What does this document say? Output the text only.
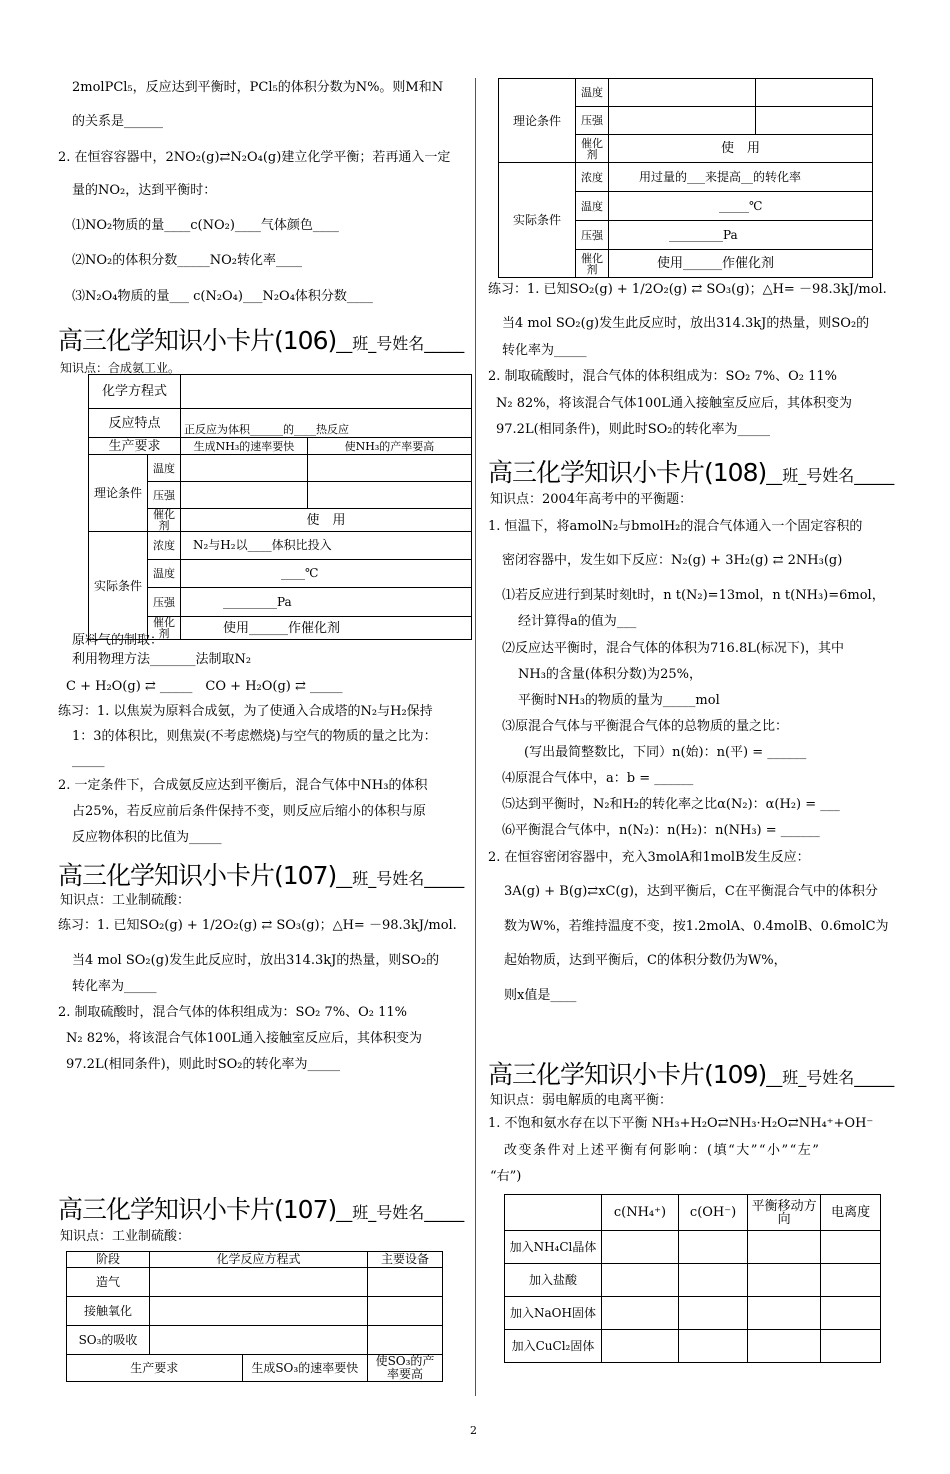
2molPCl₅，反应达到平衡时，PCl₅的体积分数为N%。则M和N
的关系是______
2. 在恒容容器中，2NO₂(g)⇄N₂O₄(g)建立化学平衡；若再通入一定
量的NO₂，达到平衡时：
⑴NO₂物质的量____c(NO₂)____气体颜色____
⑵NO₂的体积分数_____NO₂转化率____
⑶N₂O₄物质的量___ c(N₂O₄)___N₂O₄体积分数____
高三化学知识小卡片(106)__班_号姓名_____
知识点：合成氨工业。
化学方程式			
反应特点		正反应为体积______的____热反应	
生产要求		生成NH₃的速率要快	使NH₃的产率要高
理论条件	温度		
	压强		
	催化剂	使　用	
实际条件	浓度	N₂与H₂以____体积比投入	
	温度	____℃	
	压强	_________Pa	
	催化剂	使用______作催化剂	
原料气的制取：
利用物理方法_______法制取N₂
C + H₂O(g) ⇄ _____　CO + H₂O(g) ⇄ _____
练习：1. 以焦炭为原料合成氨，为了使通入合成塔的N₂与H₂保持
1：3的体积比，则焦炭(不考虑燃烧)与空气的物质的量之比为：
_____
2. 一定条件下，合成氨反应达到平衡后，混合气体中NH₃的体积
占25%，若反应前后条件保持不变，则反应后缩小的体积与原
反应物体积的比值为_____
高三化学知识小卡片(107)__班_号姓名_____
知识点：工业制硫酸：
练习：1. 已知SO₂(g) + 1/2O₂(g) ⇄ SO₃(g)；△H= －98.3kJ/mol.
当4 mol SO₂(g)发生此反应时，放出314.3kJ的热量，则SO₂的
转化率为_____
2. 制取硫酸时，混合气体的体积组成为：SO₂ 7%、O₂ 11%
N₂ 82%，将该混合气体100L通入接触室反应后，其体积变为
97.2L(相同条件)，则此时SO₂的转化率为_____
高三化学知识小卡片(107)__班_号姓名_____
知识点：工业制硫酸：
阶段	化学反应方程式		主要设备
造气			
接触氧化			
SO₃的吸收			
生产要求		生成SO₃的速率要快	使SO₃的产率要高
理论条件	温度		
	压强		
	催化剂	使　用	
实际条件	浓度	用过量的___来提高__的转化率	
	温度	_____℃	
	压强	_________Pa	
	催化剂	使用______作催化剂	
练习：1. 已知SO₂(g) + 1/2O₂(g) ⇄ SO₃(g)；△H= －98.3kJ/mol.
当4 mol SO₂(g)发生此反应时，放出314.3kJ的热量，则SO₂的
转化率为_____
2. 制取硫酸时，混合气体的体积组成为：SO₂ 7%、O₂ 11%
N₂ 82%，将该混合气体100L通入接触室反应后，其体积变为
97.2L(相同条件)，则此时SO₂的转化率为_____
高三化学知识小卡片(108)__班_号姓名_____
知识点：2004年高考中的平衡题：
1. 恒温下，将amolN₂与bmolH₂的混合气体通入一个固定容积的
密闭容器中，发生如下反应：N₂(g) + 3H₂(g) ⇄ 2NH₃(g)
⑴若反应进行到某时刻t时，n t(N₂)=13mol，n t(NH₃)=6mol，
经计算得a的值为___
⑵反应达平衡时，混合气体的体积为716.8L(标况下)，其中
NH₃的含量(体积分数)为25%，
平衡时NH₃的物质的量为_____mol
⑶原混合气体与平衡混合气体的总物质的量之比：
(写出最简整数比，下同）n(始)：n(平) = ______
⑷原混合气体中，a：b = ______
⑸达到平衡时，N₂和H₂的转化率之比α(N₂)：α(H₂) = ___
⑹平衡混合气体中，n(N₂)：n(H₂)：n(NH₃) = ______
2. 在恒容密闭容器中，充入3molA和1molB发生反应：
3A(g) + B(g)⇄xC(g)，达到平衡后，C在平衡混合气中的体积分
数为W%，若维持温度不变，按1.2molA、0.4molB、0.6molC为
起始物质，达到平衡后，C的体积分数仍为W%，
则x值是____
高三化学知识小卡片(109)__班_号姓名_____
知识点：弱电解质的电离平衡：
1. 不饱和氨水存在以下平衡 NH₃+H₂O⇄NH₃·H₂O⇄NH₄⁺+OH⁻
改变条件对上述平衡有何影响：(填“大”“小”“左”
“右”)
	c(NH₄⁺)	c(OH⁻)	平衡移动方向	电离度
加入NH₄Cl晶体				
加入盐酸				
加入NaOH固体				
加入CuCl₂固体				
2
